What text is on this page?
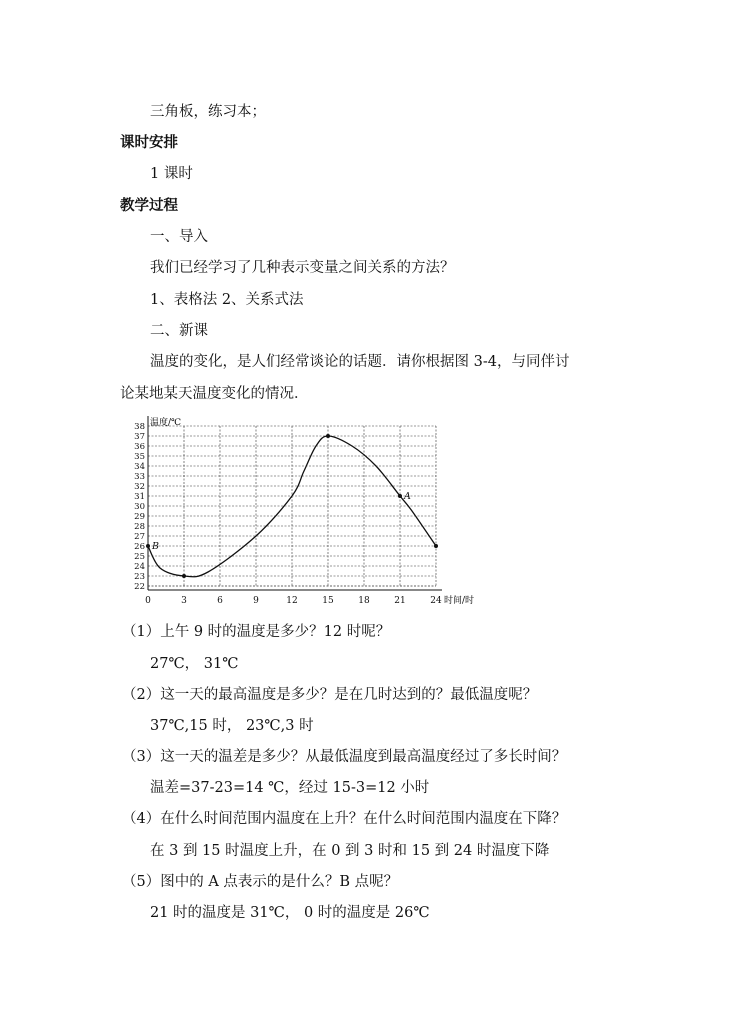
三角板，练习本；
课时安排
1 课时
教学过程
一、导入
我们已经学习了几种表示变量之间关系的方法？
1、表格法 2、关系式法
二、新课
温度的变化，是人们经常谈论的话题．请你根据图 3-4，与同伴讨
论某地某天温度变化的情况．
22
23
24
25
26
27
28
29
30
31
32
33
34
35
36
37
38
0	3	6	9	12	15	18	21	24
B
A
温度/℃
时间/时
（1）上午 9 时的温度是多少？12 时呢？
27℃， 31℃
（2）这一天的最高温度是多少？是在几时达到的？最低温度呢？
37℃,15 时， 23℃,3 时
（3）这一天的温差是多少？从最低温度到最高温度经过了多长时间？
温差=37-23=14 ℃，经过 15-3=12 小时
（4）在什么时间范围内温度在上升？在什么时间范围内温度在下降？
在 3 到 15 时温度上升，在 0 到 3 时和 15 到 24 时温度下降
（5）图中的 A 点表示的是什么？B 点呢？
21 时的温度是 31℃， 0 时的温度是 26℃
